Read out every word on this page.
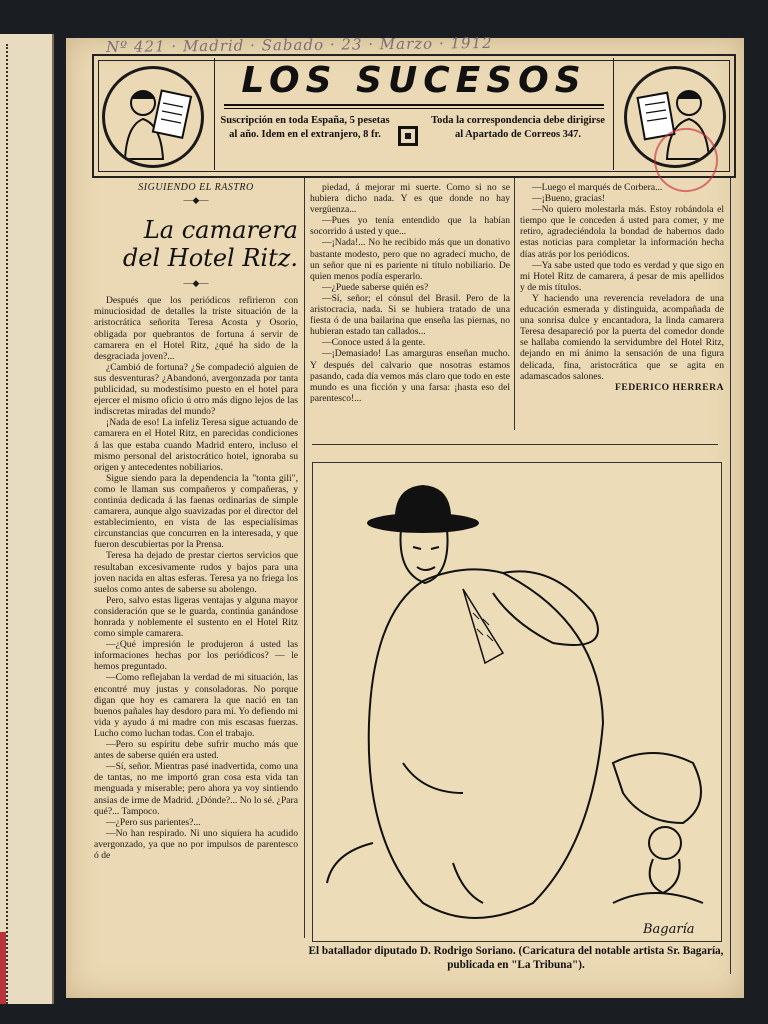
Nº 421 · Madrid · Sabado · 23 · Marzo · 1912
LOS SUCESOS
Suscripción en toda España, 5 pesetas al año. Idem en el extranjero, 8 fr.
Toda la correspondencia debe dirigirse al Apartado de Correos 347.

SIGUIENDO EL RASTRO

—◆—
La camarera
del Hotel Ritz.
—◆—

Después que los periódicos refirieron con minuciosidad de detalles la triste situación de la aristocrática señorita Teresa Acosta y Osorio, obligada por quebrantos de fortuna á servir de camarera en el Hotel Ritz, ¿qué ha sido de la desgraciada joven?...

¿Cambió de fortuna? ¿Se compadeció alguien de sus desventuras? ¿Abandonó, avergonzada por tanta publicidad, su modestísimo puesto en el hotel para ejercer el mismo oficio ú otro más digno lejos de las indiscretas miradas del mundo?

¡Nada de eso! La infeliz Teresa sigue actuando de camarera en el Hotel Ritz, en parecidas condiciones á las que estaba cuando Madrid entero, incluso el mismo personal del aristocrático hotel, ignoraba su origen y antecedentes nobiliarios.

Sigue siendo para la dependencia la "tonta gili", como le llaman sus compañeros y compañeras, y continúa dedicada á las faenas ordinarias de simple camarera, aunque algo suavizadas por el director del establecimiento, en vista de las especialísimas circunstancias que concurren en la interesada, y que fueron descubiertas por la Prensa.

Teresa ha dejado de prestar ciertos servicios que resultaban excesivamente rudos y bajos para una joven nacida en altas esferas. Teresa ya no friega los suelos como antes de saberse su abolengo.

Pero, salvo estas ligeras ventajas y alguna mayor consideración que se le guarda, continúa ganándose honrada y noblemente el sustento en el Hotel Ritz como simple camarera.

—¿Qué impresión le produjeron á usted las informaciones hechas por los periódicos? — le hemos preguntado.

—Como reflejaban la verdad de mi situación, las encontré muy justas y consoladoras. No porque digan que hoy es camarera la que nació en tan buenos pañales hay desdoro para mí. Yo defiendo mi vida y ayudo á mi madre con mis escasas fuerzas. Lucho como luchan todas. Con el trabajo.

—Pero su espíritu debe sufrir mucho más que antes de saberse quién era usted.

—Sí, señor. Mientras pasé inadvertida, como una de tantas, no me importó gran cosa esta vida tan menguada y miserable; pero ahora ya voy sintiendo ansias de irme de Madrid. ¿Dónde?... No lo sé. ¿Para qué?... Tampoco.

—¿Pero sus parientes?...

—No han respirado. Ni uno siquiera ha acudido avergonzado, ya que no por impulsos de parentesco ó de

piedad, á mejorar mi suerte. Como si no se hubiera dicho nada. Y es que donde no hay vergüenza...

—Pues yo tenía entendido que la habían socorrido á usted y que...

—¡Nada!... No he recibido más que un donativo bastante modesto, pero que no agradecí mucho, de un señor que ni es pariente ni título nobiliario. De quien menos podía esperarlo.

—¿Puede saberse quién es?

—Sí, señor; el cónsul del Brasil. Pero de la aristocracia, nada. Si se hubiera tratado de una fiesta ó de una bailarina que enseña las piernas, no hubieran estado tan callados...

—Conoce usted á la gente.

—¡Demasiado! Las amarguras enseñan mucho. Y después del calvario que nosotras estamos pasando, cada día vemos más claro que todo en este mundo es una ficción y una farsa: ¡hasta eso del parentesco!...

—Luego el marqués de Corbera...

—¡Bueno, gracias!

—No quiero molestarla más. Estoy robándola el tiempo que le conceden á usted para comer, y me retiro, agradeciéndola la bondad de habernos dado estas noticias para completar la información hecha días atrás por los periódicos.

—Ya sabe usted que todo es verdad y que sigo en mi Hotel Ritz de camarera, á pesar de mis apellidos y de mis títulos.

Y haciendo una reverencia reveladora de una educación esmerada y distinguida, acompañada de una sonrisa dulce y encantadora, la linda camarera Teresa desapareció por la puerta del comedor donde se hallaba comiendo la servidumbre del Hotel Ritz, dejando en mi ánimo la sensación de una figura delicada, fina, aristocrática que se agita en adamascados salones.

FEDERICO HERRERA

Bagaría
El batallador diputado D. Rodrigo Soriano. (Caricatura del notable artista Sr. Bagaría, publicada en "La Tribuna").
